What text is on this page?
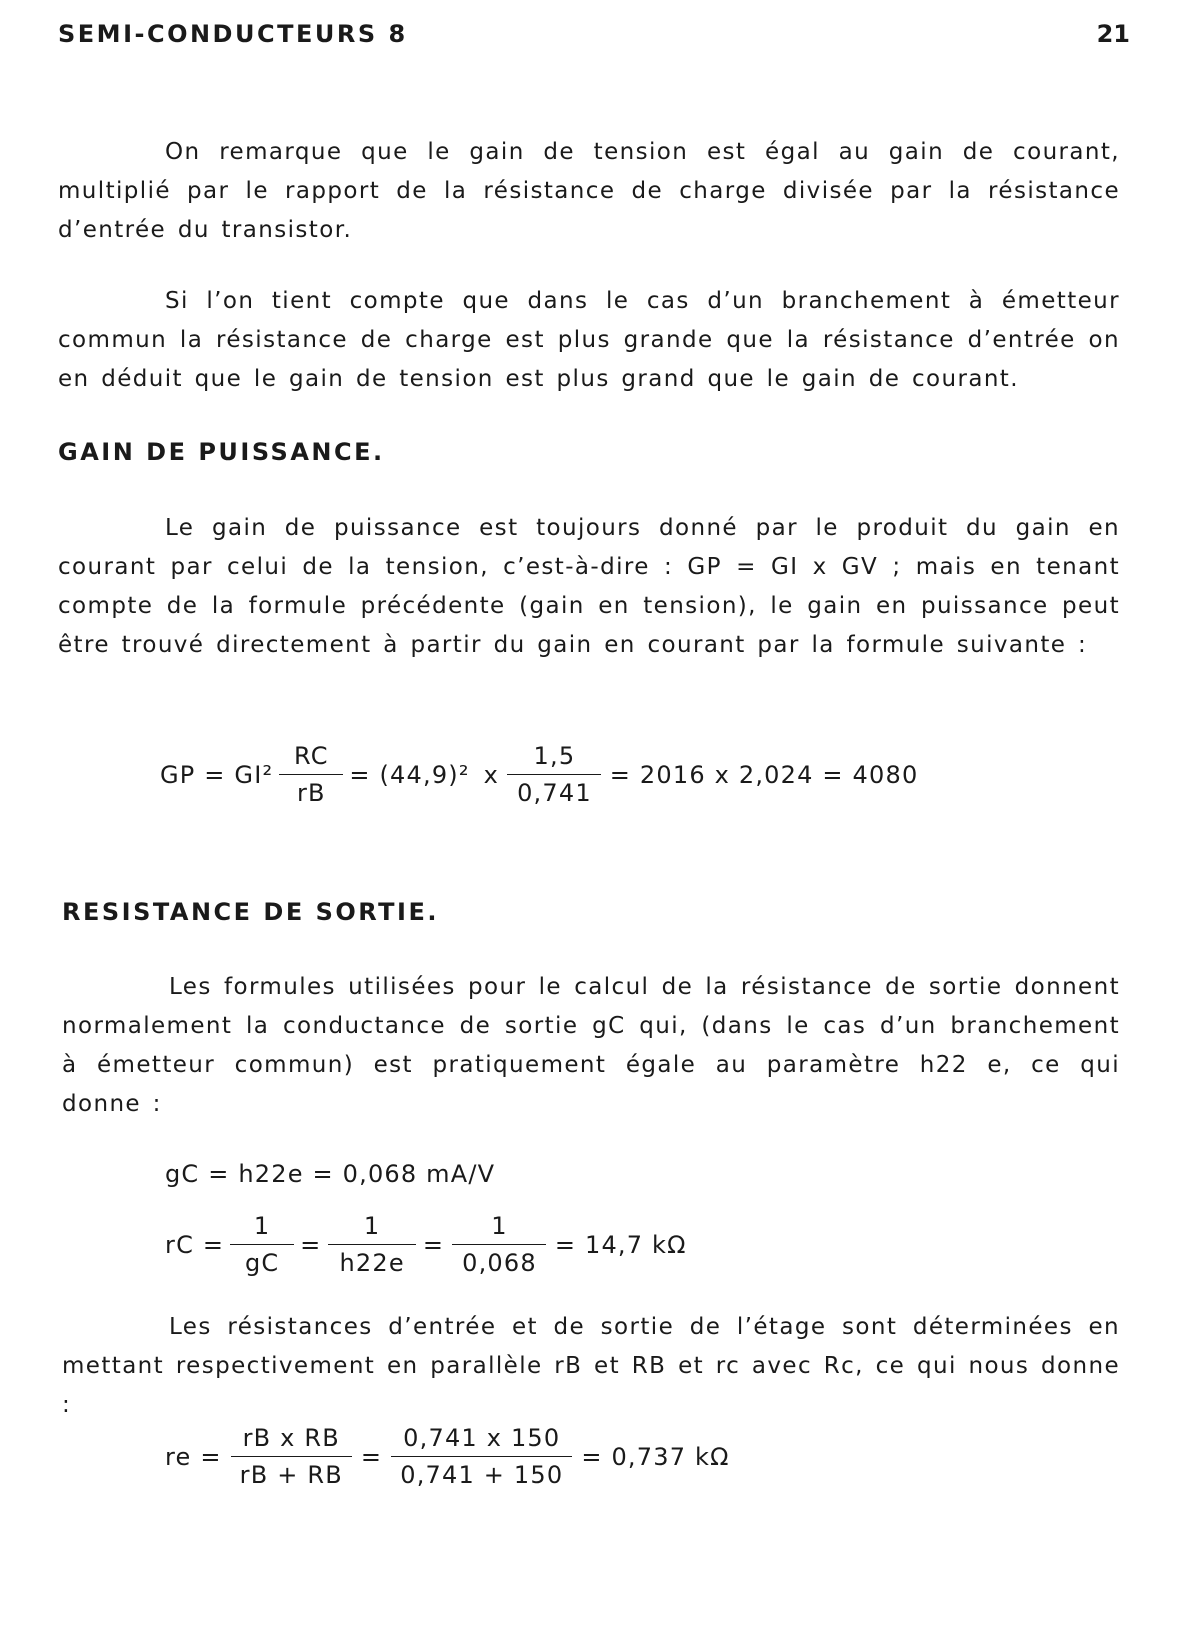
SEMI-CONDUCTEURS 8	21

On remarque que le gain de tension est égal au gain de courant, multiplié par le rapport de la résistance de charge divisée par la résistance d’entrée du transistor.

Si l’on tient compte que dans le cas d’un branchement à émetteur commun la résistance de charge est plus grande que la résistance d’entrée on en déduit que le gain de tension est plus grand que le gain de courant.

GAIN DE PUISSANCE.

Le gain de puissance est toujours donné par le produit du gain en courant par celui de la tension, c’est-à-dire : GP = GI x GV ; mais en tenant compte de la formule précédente (gain en tension), le gain en puissance peut être trouvé directement à partir du gain en courant par la formule suivante :

GP = $GI^2 \frac{RC}{rB} = (44,9)^2$ x $\frac{1,5}{0,741} = 2016$ x 2,024 = 4080
RESISTANCE DE SORTIE.

Les formules utilisées pour le calcul de la résistance de sortie donnent normalement la conductance de sortie gC qui, (dans le cas d’un branchement à émetteur commun) est pratiquement égale au paramètre h22 e, ce qui donne :

gC = h22e = 0,068 mA/V
rC = $\frac{1}{gC} = \frac{1}{h22e} = \frac{1}{0,068} = 14,7$ kΩ

Les résistances d’entrée et de sortie de l’étage sont déterminées en mettant respectivement en parallèle rB et RB et rc avec Rc, ce qui nous donne :

re = $\frac{\text{rB x RB}}{rB + RB} = \frac{0,741 x 150}{0,741 + 150} = 0,737$ kΩ
